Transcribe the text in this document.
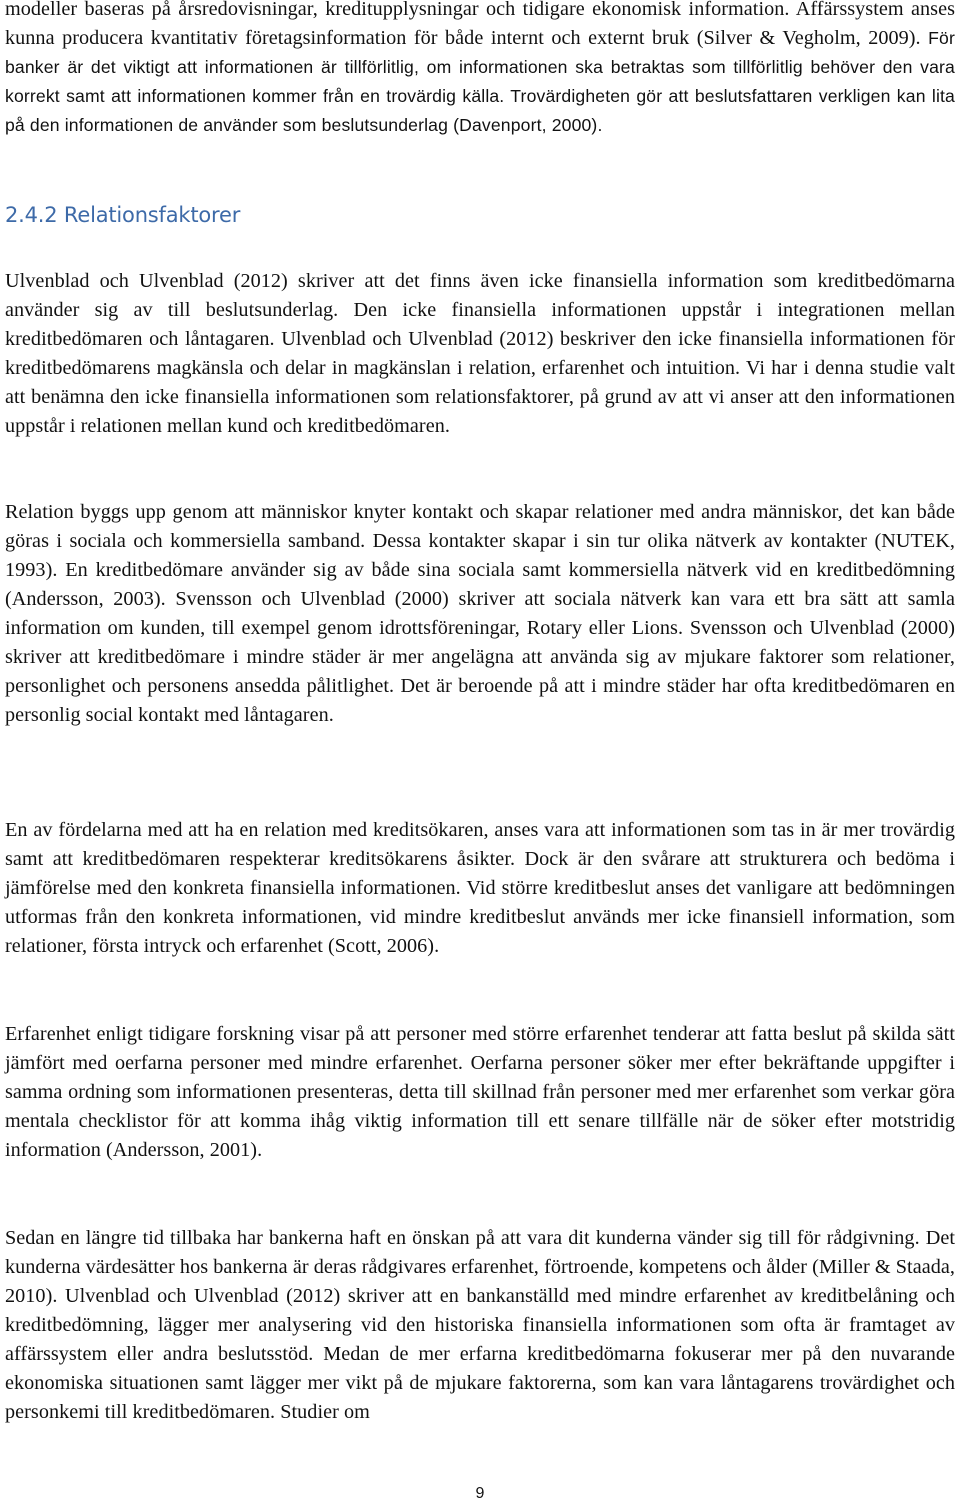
modeller baseras på årsredovisningar, kreditupplysningar och tidigare ekonomisk information. Affärssystem anses kunna producera kvantitativ företagsinformation för både internt och externt bruk (Silver & Vegholm, 2009). För banker är det viktigt att informationen är tillförlitlig, om informationen ska betraktas som tillförlitlig behöver den vara korrekt samt att informationen kommer från en trovärdig källa. Trovärdigheten gör att beslutsfattaren verkligen kan lita på den informationen de använder som beslutsunderlag (Davenport, 2000).

2.4.2 Relationsfaktorer

Ulvenblad och Ulvenblad (2012) skriver att det finns även icke finansiella information som kreditbedömarna använder sig av till beslutsunderlag. Den icke finansiella informationen uppstår i integrationen mellan kreditbedömaren och låntagaren. Ulvenblad och Ulvenblad (2012) beskriver den icke finansiella informationen för kreditbedömarens magkänsla och delar in magkänslan i relation, erfarenhet och intuition. Vi har i denna studie valt att benämna den icke finansiella informationen som relationsfaktorer, på grund av att vi anser att den informationen uppstår i relationen mellan kund och kreditbedömaren.

Relation byggs upp genom att människor knyter kontakt och skapar relationer med andra människor, det kan både göras i sociala och kommersiella samband. Dessa kontakter skapar i sin tur olika nätverk av kontakter (NUTEK, 1993). En kreditbedömare använder sig av både sina sociala samt kommersiella nätverk vid en kreditbedömning (Andersson, 2003). Svensson och Ulvenblad (2000) skriver att sociala nätverk kan vara ett bra sätt att samla information om kunden, till exempel genom idrottsföreningar, Rotary eller Lions. Svensson och Ulvenblad (2000) skriver att kreditbedömare i mindre städer är mer angelägna att använda sig av mjukare faktorer som relationer, personlighet och personens ansedda pålitlighet. Det är beroende på att i mindre städer har ofta kreditbedömaren en personlig social kontakt med låntagaren.

En av fördelarna med att ha en relation med kreditsökaren, anses vara att informationen som tas in är mer trovärdig samt att kreditbedömaren respekterar kreditsökarens åsikter. Dock är den svårare att strukturera och bedöma i jämförelse med den konkreta finansiella informationen. Vid större kreditbeslut anses det vanligare att bedömningen utformas från den konkreta informationen, vid mindre kreditbeslut används mer icke finansiell information, som relationer, första intryck och erfarenhet (Scott, 2006).

Erfarenhet enligt tidigare forskning visar på att personer med större erfarenhet tenderar att fatta beslut på skilda sätt jämfört med oerfarna personer med mindre erfarenhet. Oerfarna personer söker mer efter bekräftande uppgifter i samma ordning som informationen presenteras, detta till skillnad från personer med mer erfarenhet som verkar göra mentala checklistor för att komma ihåg viktig information till ett senare tillfälle när de söker efter motstridig information (Andersson, 2001).

Sedan en längre tid tillbaka har bankerna haft en önskan på att vara dit kunderna vänder sig till för rådgivning. Det kunderna värdesätter hos bankerna är deras rådgivares erfarenhet, förtroende, kompetens och ålder (Miller & Staada, 2010). Ulvenblad och Ulvenblad (2012) skriver att en bankanställd med mindre erfarenhet av kreditbelåning och kreditbedömning, lägger mer analysering vid den historiska finansiella informationen som ofta är framtaget av affärssystem eller andra beslutsstöd. Medan de mer erfarna kreditbedömarna fokuserar mer på den nuvarande ekonomiska situationen samt lägger mer vikt på de mjukare faktorerna, som kan vara låntagarens trovärdighet och personkemi till kreditbedömaren. Studier om

9
